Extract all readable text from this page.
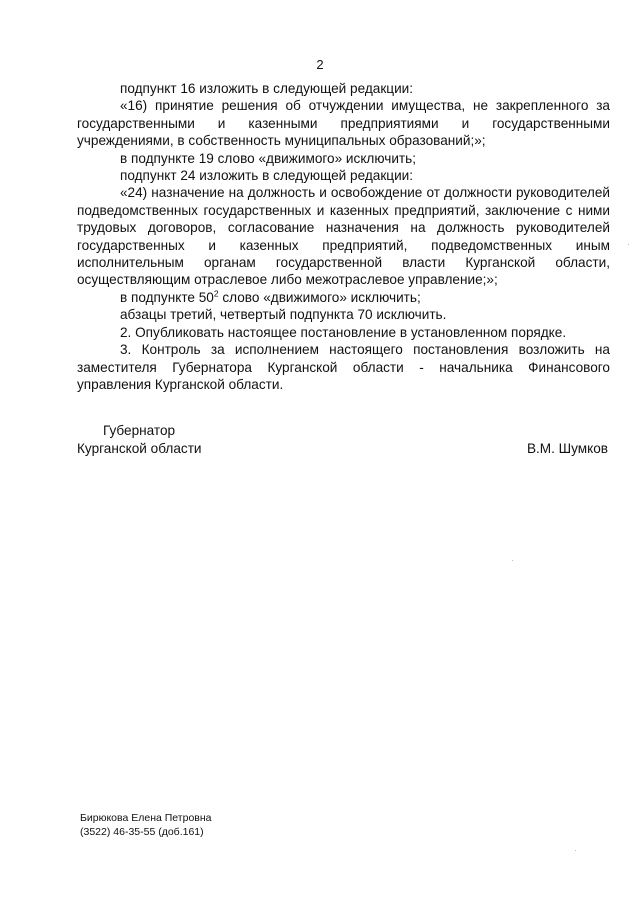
2

подпункт 16 изложить в следующей редакции:

«16) принятие решения об отчуждении имущества, не закрепленного за государственными и казенными предприятиями и государственными учреждениями, в собственность муниципальных образований;»;

в подпункте 19 слово «движимого» исключить;

подпункт 24 изложить в следующей редакции:

«24) назначение на должность и освобождение от должности руководителей подведомственных государственных и казенных предприятий, заключение с ними трудовых договоров, согласование назначения на должность руководителей государственных и казенных предприятий, подведомственных иным исполнительным органам государственной власти Курганской области, осуществляющим отраслевое либо межотраслевое управление;»;

в подпункте $50^2$ слово «движимого» исключить;

абзацы третий, четвертый подпункта 70 исключить.

2. Опубликовать настоящее постановление в установленном порядке.

3. Контроль за исполнением настоящего постановления возложить на заместителя Губернатора Курганской области - начальника Финансового управления Курганской области.

Губернатор
Курганской области	В.М. Шумков
Бирюкова Елена Петровна
(3522) 46-35-55 (доб.161)
